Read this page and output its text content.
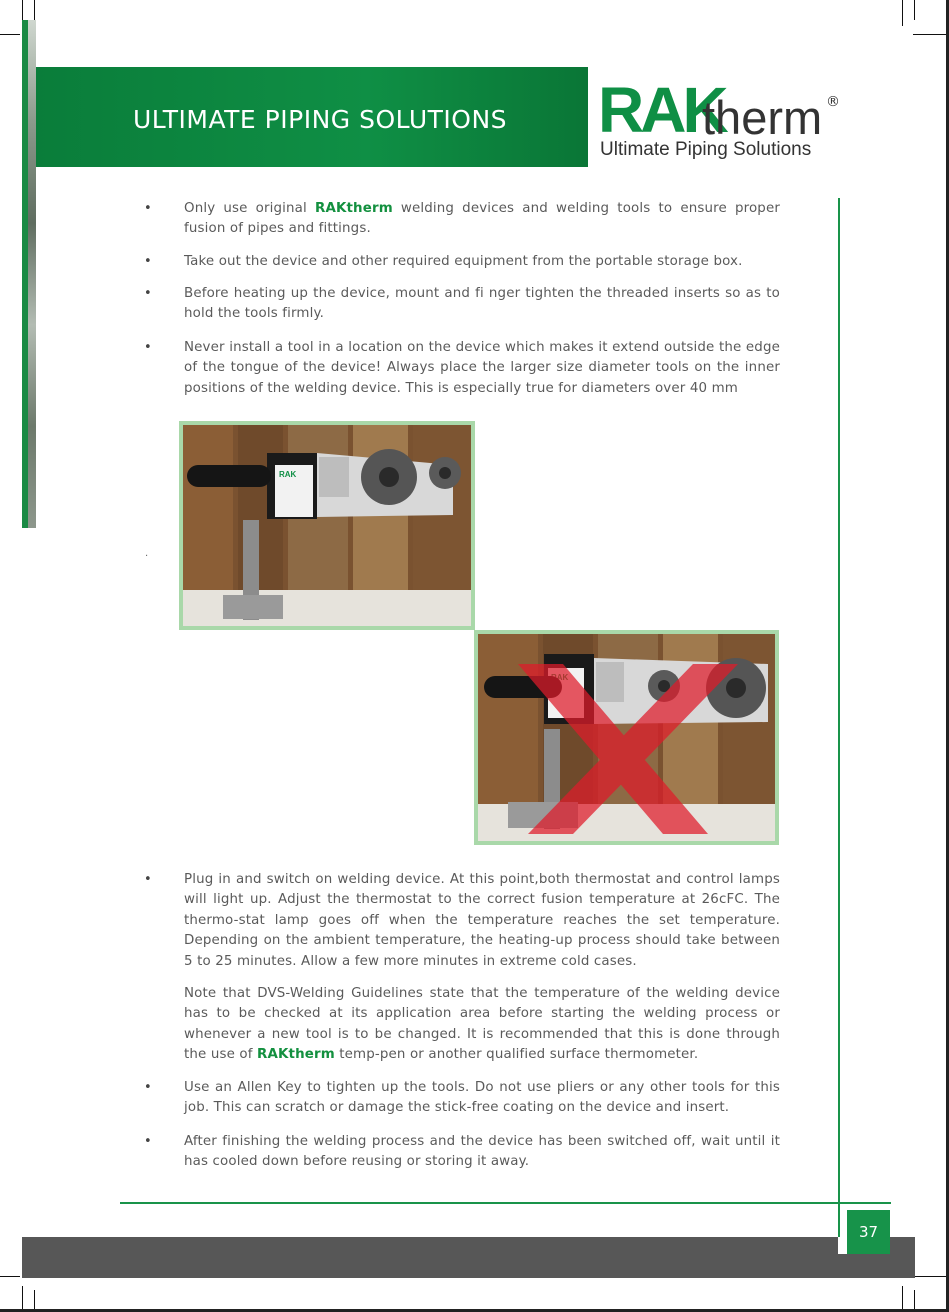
ULTIMATE PIPING SOLUTIONS RAK
therm ®
Ultimate Piping Solutions
• Only use original RAKtherm welding devices and welding tools to ensure proper fusion of pipes and fittings.
• Take out the device and other required equipment from the portable storage box.
• Before heating up the device, mount and fi nger tighten the threaded inserts so as to hold the tools firmly.
• Never install a tool in a location on the device which makes it extend outside the edge of the tongue of the device! Always place the larger size diameter tools on the inner positions of the welding device. This is especially true for diameters over 40 mm
.
RAK
• Plug in and switch on welding device. At this point,both thermostat and control lamps will light up. Adjust the thermostat to the correct fusion temperature at 26cFC. The thermo-stat lamp goes off when the temperature reaches the set temperature. Depending on the ambient temperature, the heating-up process should take between 5 to 25 minutes. Allow a few more minutes in extreme cold cases.
Note that DVS-Welding Guidelines state that the temperature of the welding device has to be checked at its application area before starting the welding process or whenever a new tool is to be changed. It is recommended that this is done through the use of RAKtherm temp-pen or another qualified surface thermometer.
• Use an Allen Key to tighten up the tools. Do not use pliers or any other tools for this job. This can scratch or damage the stick-free coating on the device and insert.
• After finishing the welding process and the device has been switched off, wait until it has cooled down before reusing or storing it away.
37
